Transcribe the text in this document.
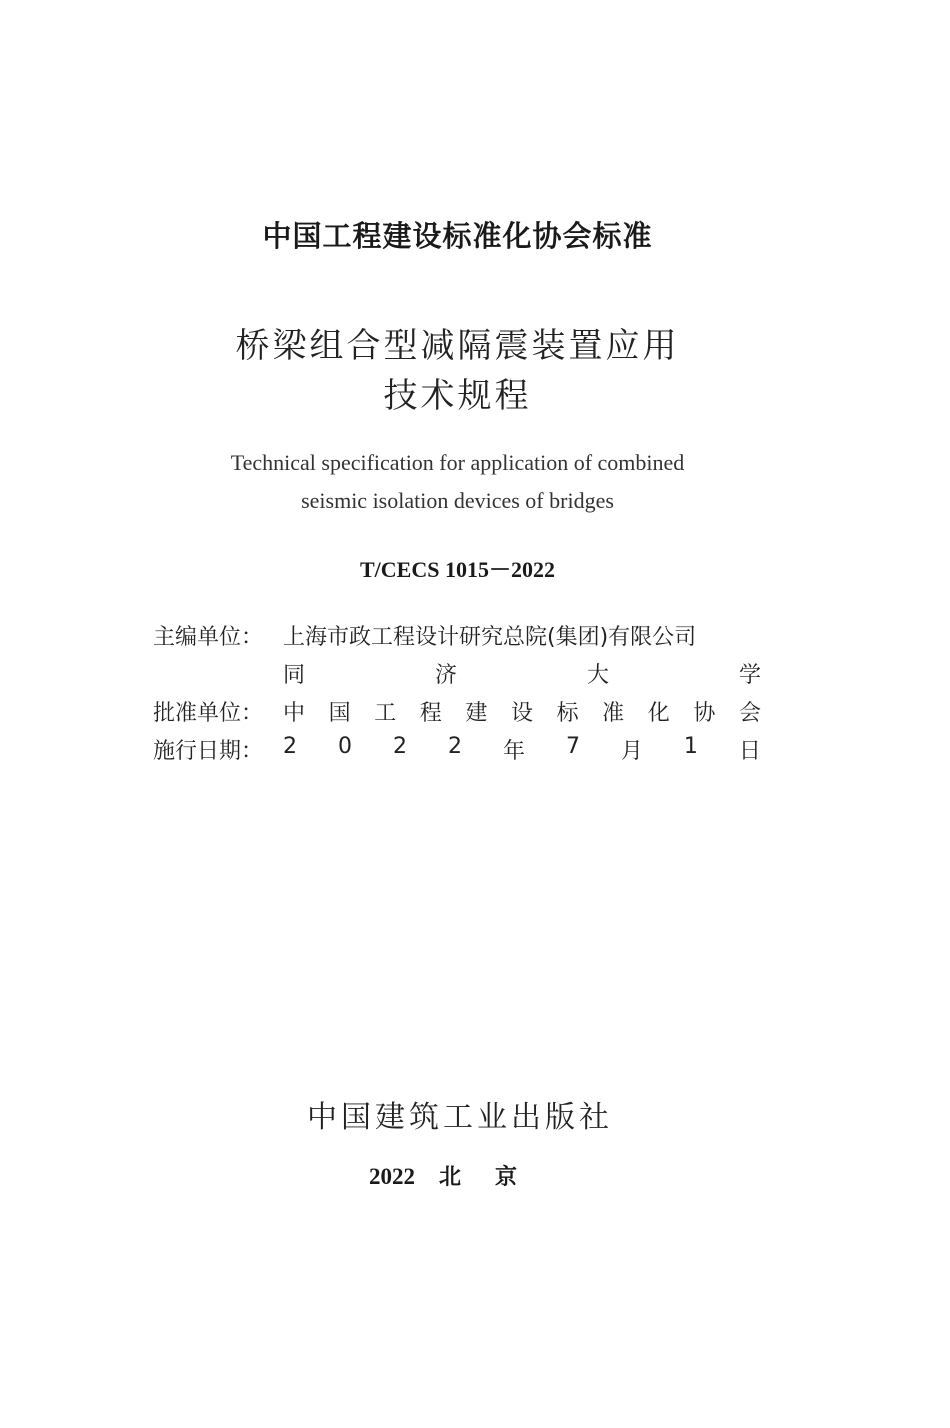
中国工程建设标准化协会标准
桥梁组合型减隔震装置应用
技术规程
Technical specification for application of combined
seismic isolation devices of bridges
T/CECS 1015－2022
主编单位： 上海市政工程设计研究总院(集团)有限公司
同	济	大	学
批准单位： 中 国 工 程 建 设 标 准 化 协 会
施行日期： 2 0 2 2 年 7 月 1 日
中国建筑工业出版社
2022 北 京
